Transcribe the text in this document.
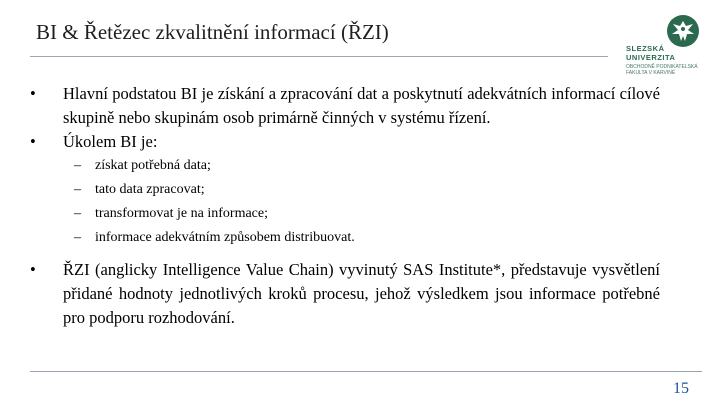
BI & Řetězec zkvalitnění informací (ŘZI)
SLEZSKÁ
UNIVERZITA
OBCHODNĚ PODNIKATELSKÁ FAKULTA V KARVINÉ

• Hlavní podstatou BI je získání a zpracování dat a poskytnutí adekvátních informací cílové skupině nebo skupinám osob primárně činných v systému řízení.

• Úkolem BI je:

– získat potřebná data;

– tato data zpracovat;

– transformovat je na informace;

– informace adekvátním způsobem distribuovat.

• ŘZI (anglicky Intelligence Value Chain) vyvinutý SAS Institute*, představuje vysvětlení přidané hodnoty jednotlivých kroků procesu, jehož výsledkem jsou informace potřebné pro podporu rozhodování.

15
